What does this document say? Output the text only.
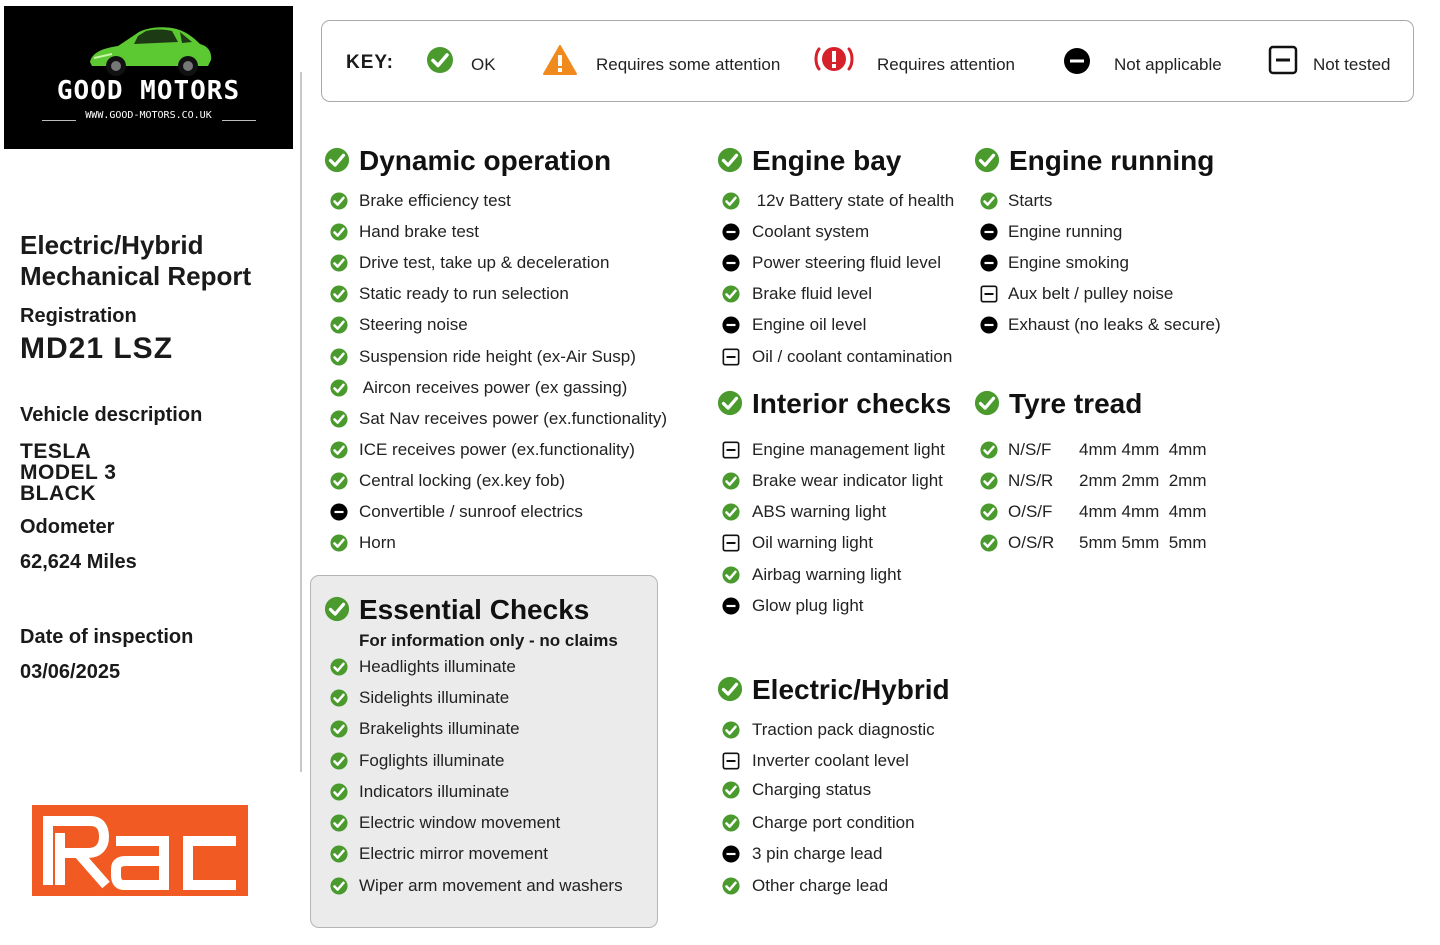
GOOD MOTORS
WWW.GOOD-MOTORS.CO.UK
Electric/Hybrid
Mechanical Report
Registration
MD21 LSZ
Vehicle description
TESLA
MODEL 3
BLACK
Odometer
62,624 Miles
Date of inspection
03/06/2025
KEY:	OK	Requires some attention	Requires attention	Not applicable	Not tested
Dynamic operation
Essential Checks
For information only - no claims
Engine bay
Interior checks
Electric/Hybrid
Engine running
Tyre tread
Brake efficiency test
Hand brake test
Drive test, take up & deceleration
Static ready to run selection
Steering noise
Suspension ride height (ex-Air Susp)
Aircon receives power (ex gassing)
Sat Nav receives power (ex.functionality)
ICE receives power (ex.functionality)
Central locking (ex.key fob)
Convertible / sunroof electrics
Horn
Headlights illuminate
Sidelights illuminate
Brakelights illuminate
Foglights illuminate
Indicators illuminate
Electric window movement
Electric mirror movement
Wiper arm movement and washers
12v Battery state of health
Coolant system
Power steering fluid level
Brake fluid level
Engine oil level
Oil / coolant contamination
Engine management light
Brake wear indicator light
ABS warning light
Oil warning light
Airbag warning light
Glow plug light
Traction pack diagnostic
Inverter coolant level
Charging status
Charge port condition
3 pin charge lead
Other charge lead
Starts
Engine running
Engine smoking
Aux belt / pulley noise
Exhaust (no leaks & secure)
N/S/F 4mm 4mm  4mm
N/S/R 2mm 2mm  2mm
O/S/F 4mm 4mm  4mm
O/S/R 5mm 5mm  5mm
